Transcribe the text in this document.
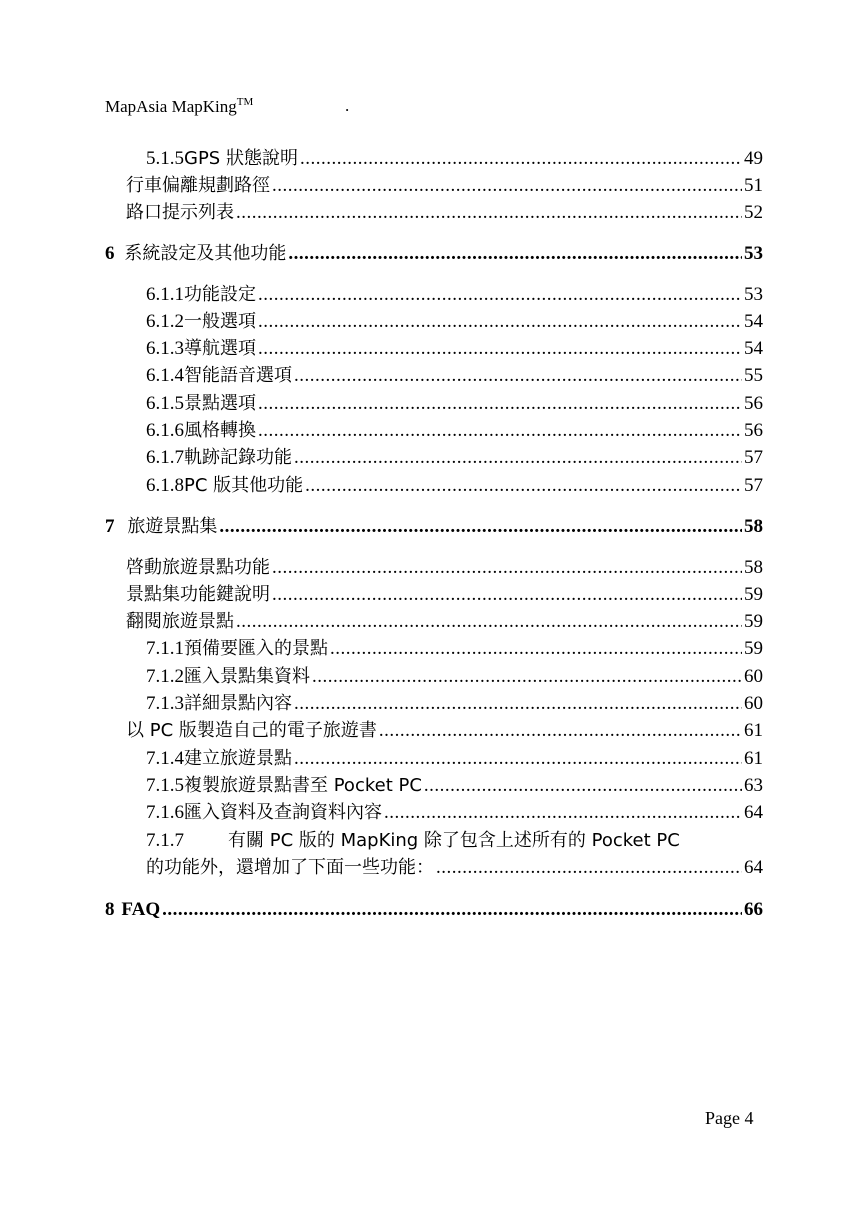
MapAsia MapKing™	.
5.1.5 GPS 狀態說明 .....	49
行車偏離規劃路徑 .....	51
路口提示列表 .....	52
6 系統設定及其他功能 .....	53
6.1.1 功能設定 .....	53
6.1.2 一般選項 .....	54
6.1.3 導航選項 .....	54
6.1.4 智能語音選項 .....	55
6.1.5 景點選項 .....	56
6.1.6 風格轉換 .....	56
6.1.7 軌跡記錄功能 .....	57
6.1.8 PC 版其他功能 .....	57
7 旅遊景點集 .....	58
啓動旅遊景點功能 .....	58
景點集功能鍵說明 .....	59
翻閱旅遊景點 .....	59
7.1.1 預備要匯入的景點 .....	59
7.1.2 匯入景點集資料 .....	60
7.1.3 詳細景點內容 .....	60
以 PC 版製造自己的電子旅遊書 .....	61
7.1.4 建立旅遊景點 .....	61
7.1.5 複製旅遊景點書至 Pocket PC .....	63
7.1.6 匯入資料及查詢資料內容 .....	64
7.1.7	有關 PC 版的 MapKing 除了包含上述所有的 Pocket PC
的功能外，還增加了下面一些功能： .....	64
8 FAQ .....	66
Page 4
